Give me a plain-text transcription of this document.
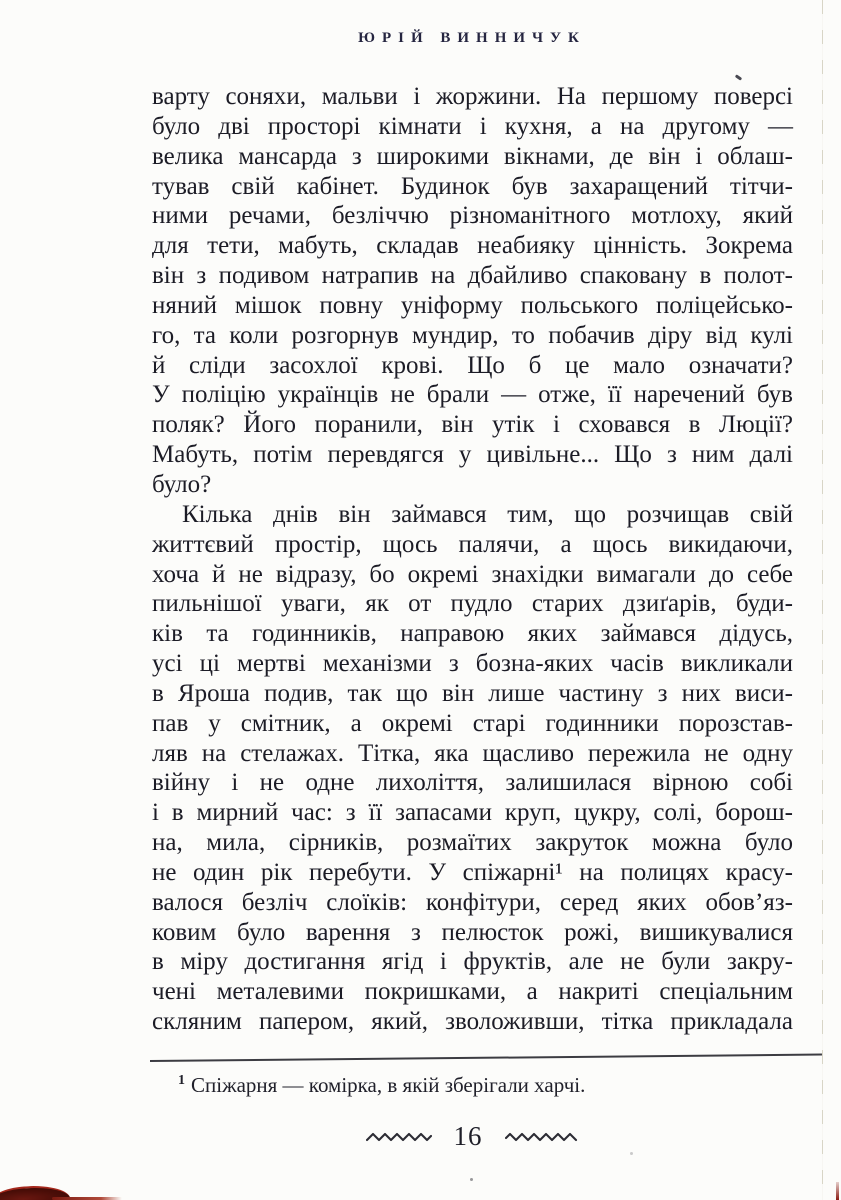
ЮРІЙ ВИННИЧУК
варту соняхи, мальви і жоржини. На першому поверсі
було дві просторі кімнати і кухня, а на другому —
велика мансарда з широкими вікнами, де він і облаш-
тував свій кабінет. Будинок був захаращений тітчи-
ними речами, безліччю різноманітного мотлоху, який
для тети, мабуть, складав неабияку цінність. Зокрема
він з подивом натрапив на дбайливо спаковану в полот-
няний мішок повну уніформу польського поліцейсько-
го, та коли розгорнув мундир, то побачив діру від кулі
й сліди засохлої крові. Що б це мало означати?
У поліцію українців не брали — отже, її наречений був
поляк? Його поранили, він утік і сховався в Люції?
Мабуть, потім перевдягся у цивільне... Що з ним далі
було?
Кілька днів він займався тим, що розчищав свій
життєвий простір, щось палячи, а щось викидаючи,
хоча й не відразу, бо окремі знахідки вимагали до себе
пильнішої уваги, як от пудло старих дзиґарів, буди-
ків та годинників, направою яких займався дідусь,
усі ці мертві механізми з бозна-яких часів викликали
в Яроша подив, так що він лише частину з них виси-
пав у смітник, а окремі старі годинники порозстав-
ляв на стелажах. Тітка, яка щасливо пережила не одну
війну і не одне лихоліття, залишилася вірною собі
і в мирний час: з її запасами круп, цукру, солі, борош-
на, мила, сірників, розмаїтих закруток можна було
не один рік перебути. У спіжарні¹ на полицях красу-
валося безліч слоїків: конфітури, серед яких обов’яз-
ковим було варення з пелюсток рожі, вишикувалися
в міру достигання ягід і фруктів, але не були закру-
чені металевими покришками, а накриті спеціальним
скляним папером, який, зволоживши, тітка прикладала
$^1$ Спіжарня — комірка, в якій зберігали харчі.
16
